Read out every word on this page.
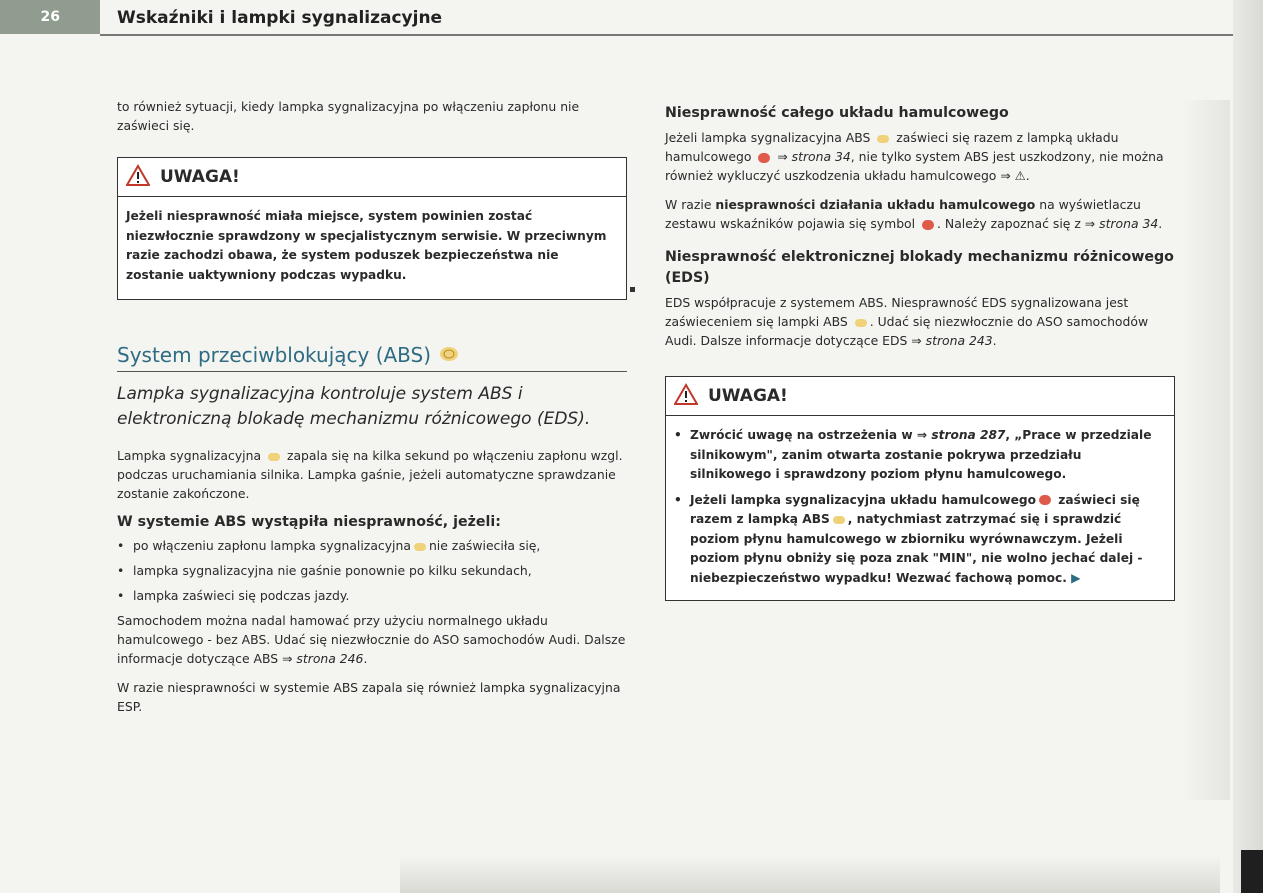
26	Wskaźniki i lampki sygnalizacyjne

to również sytuacji, kiedy lampka sygnalizacyjna po włączeniu zapłonu nie zaświeci się.

UWAGA!

Jeżeli niesprawność miała miejsce, system powinien zostać niezwłocznie sprawdzony w specjalistycznym serwisie. W przeciwnym razie zachodzi obawa, że system poduszek bezpieczeństwa nie zostanie uaktywniony podczas wypadku.

System przeciwblokujący (ABS)

Lampka sygnalizacyjna kontroluje system ABS i elektroniczną blokadę mechanizmu różnicowego (EDS).

Lampka sygnalizacyjna zapala się na kilka sekund po włączeniu zapłonu wzgl. podczas uruchamiania silnika. Lampka gaśnie, jeżeli automatyczne sprawdzanie zostanie zakończone.

W systemie ABS wystąpiła niesprawność, jeżeli:

• po włączeniu zapłonu lampka sygnalizacyjna nie zaświeciła się,
• lampka sygnalizacyjna nie gaśnie ponownie po kilku sekundach,
• lampka zaświeci się podczas jazdy.

Samochodem można nadal hamować przy użyciu normalnego układu hamulcowego - bez ABS. Udać się niezwłocznie do ASO samochodów Audi. Dalsze informacje dotyczące ABS ⇒ strona 246.

W razie niesprawności w systemie ABS zapala się również lampka sygnalizacyjna ESP.

Niesprawność całego układu hamulcowego

Jeżeli lampka sygnalizacyjna ABS zaświeci się razem z lampką układu hamulcowego ⇒ strona 34, nie tylko system ABS jest uszkodzony, nie można również wykluczyć uszkodzenia układu hamulcowego ⇒ ⚠.

W razie niesprawności działania układu hamulcowego na wyświetlaczu zestawu wskaźników pojawia się symbol . Należy zapoznać się z ⇒ strona 34.

Niesprawność elektronicznej blokady mechanizmu różnicowego (EDS)

EDS współpracuje z systemem ABS. Niesprawność EDS sygnalizowana jest zaświeceniem się lampki ABS . Udać się niezwłocznie do ASO samochodów Audi. Dalsze informacje dotyczące EDS ⇒ strona 243.

UWAGA!
• Zwrócić uwagę na ostrzeżenia w ⇒ strona 287, „Prace w przedziale silnikowym", zanim otwarta zostanie pokrywa przedziału silnikowego i sprawdzony poziom płynu hamulcowego.
• Jeżeli lampka sygnalizacyjna układu hamulcowego zaświeci się razem z lampką ABS , natychmiast zatrzymać się i sprawdzić poziom płynu hamulcowego w zbiorniku wyrównawczym. Jeżeli poziom płynu obniży się poza znak "MIN", nie wolno jechać dalej - niebezpieczeństwo wypadku! Wezwać fachową pomoc. ▶
